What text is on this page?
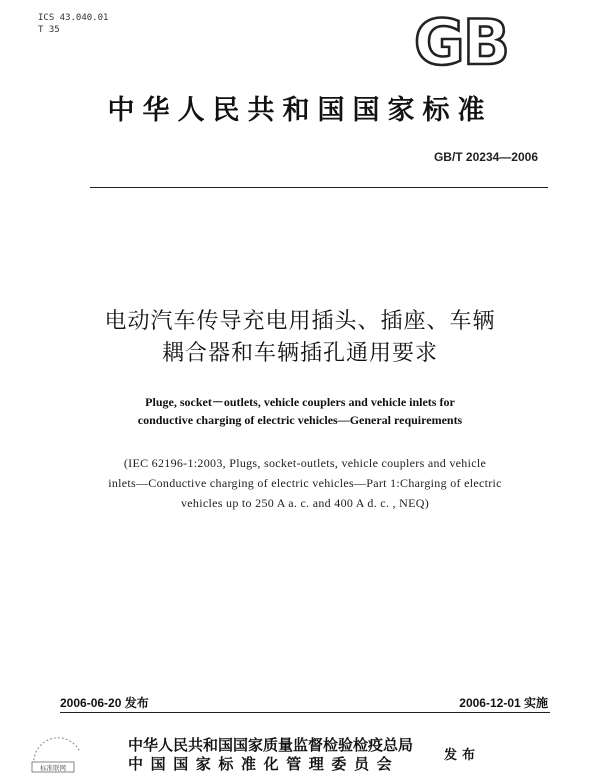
ICS 43.040.01
T 35	GB
中华人民共和国国家标准
GB/T 20234—2006
电动汽车传导充电用插头、插座、车辆
耦合器和车辆插孔通用要求
Pluge, socket－outlets, vehicle couplers and vehicle inlets for
conductive charging of electric vehicles—General requirements
(IEC 62196-1:2003, Plugs, socket-outlets, vehicle couplers and vehicle
inlets—Conductive charging of electric vehicles—Part 1:Charging of electric
vehicles up to 250 A a. c. and 400 A d. c. , NEQ)
2006-06-20 发布	2006-12-01 实施
中华人民共和国国家质量监督检验检疫总局
中国国家标准化管理委员会	发布
标准联网
